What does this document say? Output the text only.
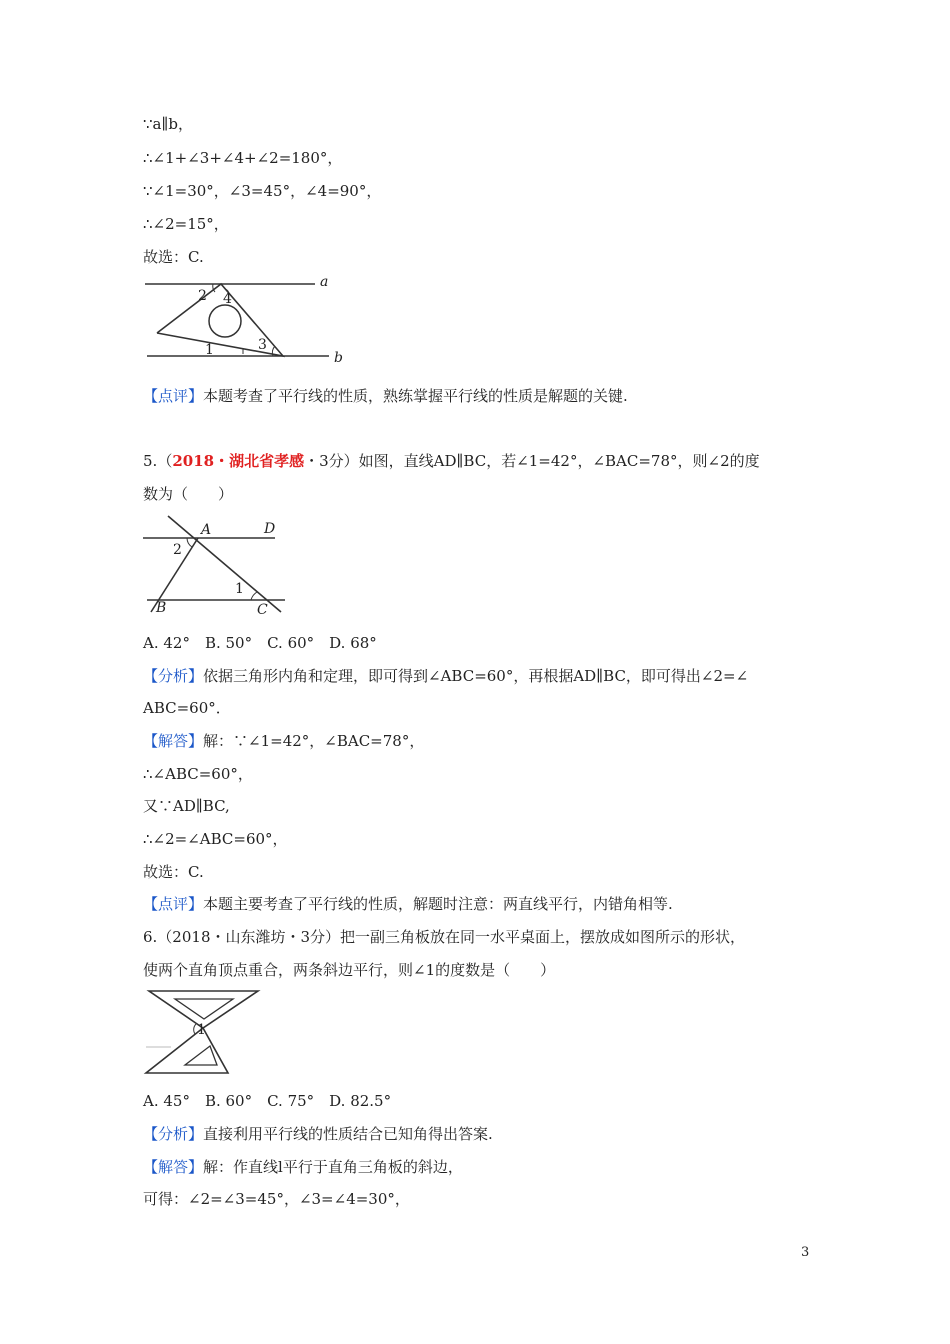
∵a∥b，
∴∠1+∠3+∠4+∠2=180°，
∵∠1=30°，∠3=45°，∠4=90°，
∴∠2=15°，
故选：C.
a
b
2 4
1	3
【点评】本题考查了平行线的性质，熟练掌握平行线的性质是解题的关键.
5.（2018・湖北省孝感・3分）如图，直线AD∥BC，若∠1=42°，∠BAC=78°，则∠2的度
数为（　　）
A	D
B	C
2
1
A. 42°　B. 50°　C. 60°　D. 68°
【分析】依据三角形内角和定理，即可得到∠ABC=60°，再根据AD∥BC，即可得出∠2=∠
ABC=60°．
【解答】解：∵∠1=42°，∠BAC=78°，
∴∠ABC=60°，
又∵AD∥BC,
∴∠2=∠ABC=60°，
故选：C.
【点评】本题主要考查了平行线的性质，解题时注意：两直线平行，内错角相等.
6.（2018・山东潍坊・3分）把一副三角板放在同一水平桌面上，摆放成如图所示的形状，
使两个直角顶点重合，两条斜边平行，则∠1的度数是（　　）
1
A. 45°　B. 60°　C. 75°　D. 82.5°
【分析】直接利用平行线的性质结合已知角得出答案.
【解答】解：作直线l平行于直角三角板的斜边，
可得：∠2=∠3=45°，∠3=∠4=30°，
3
